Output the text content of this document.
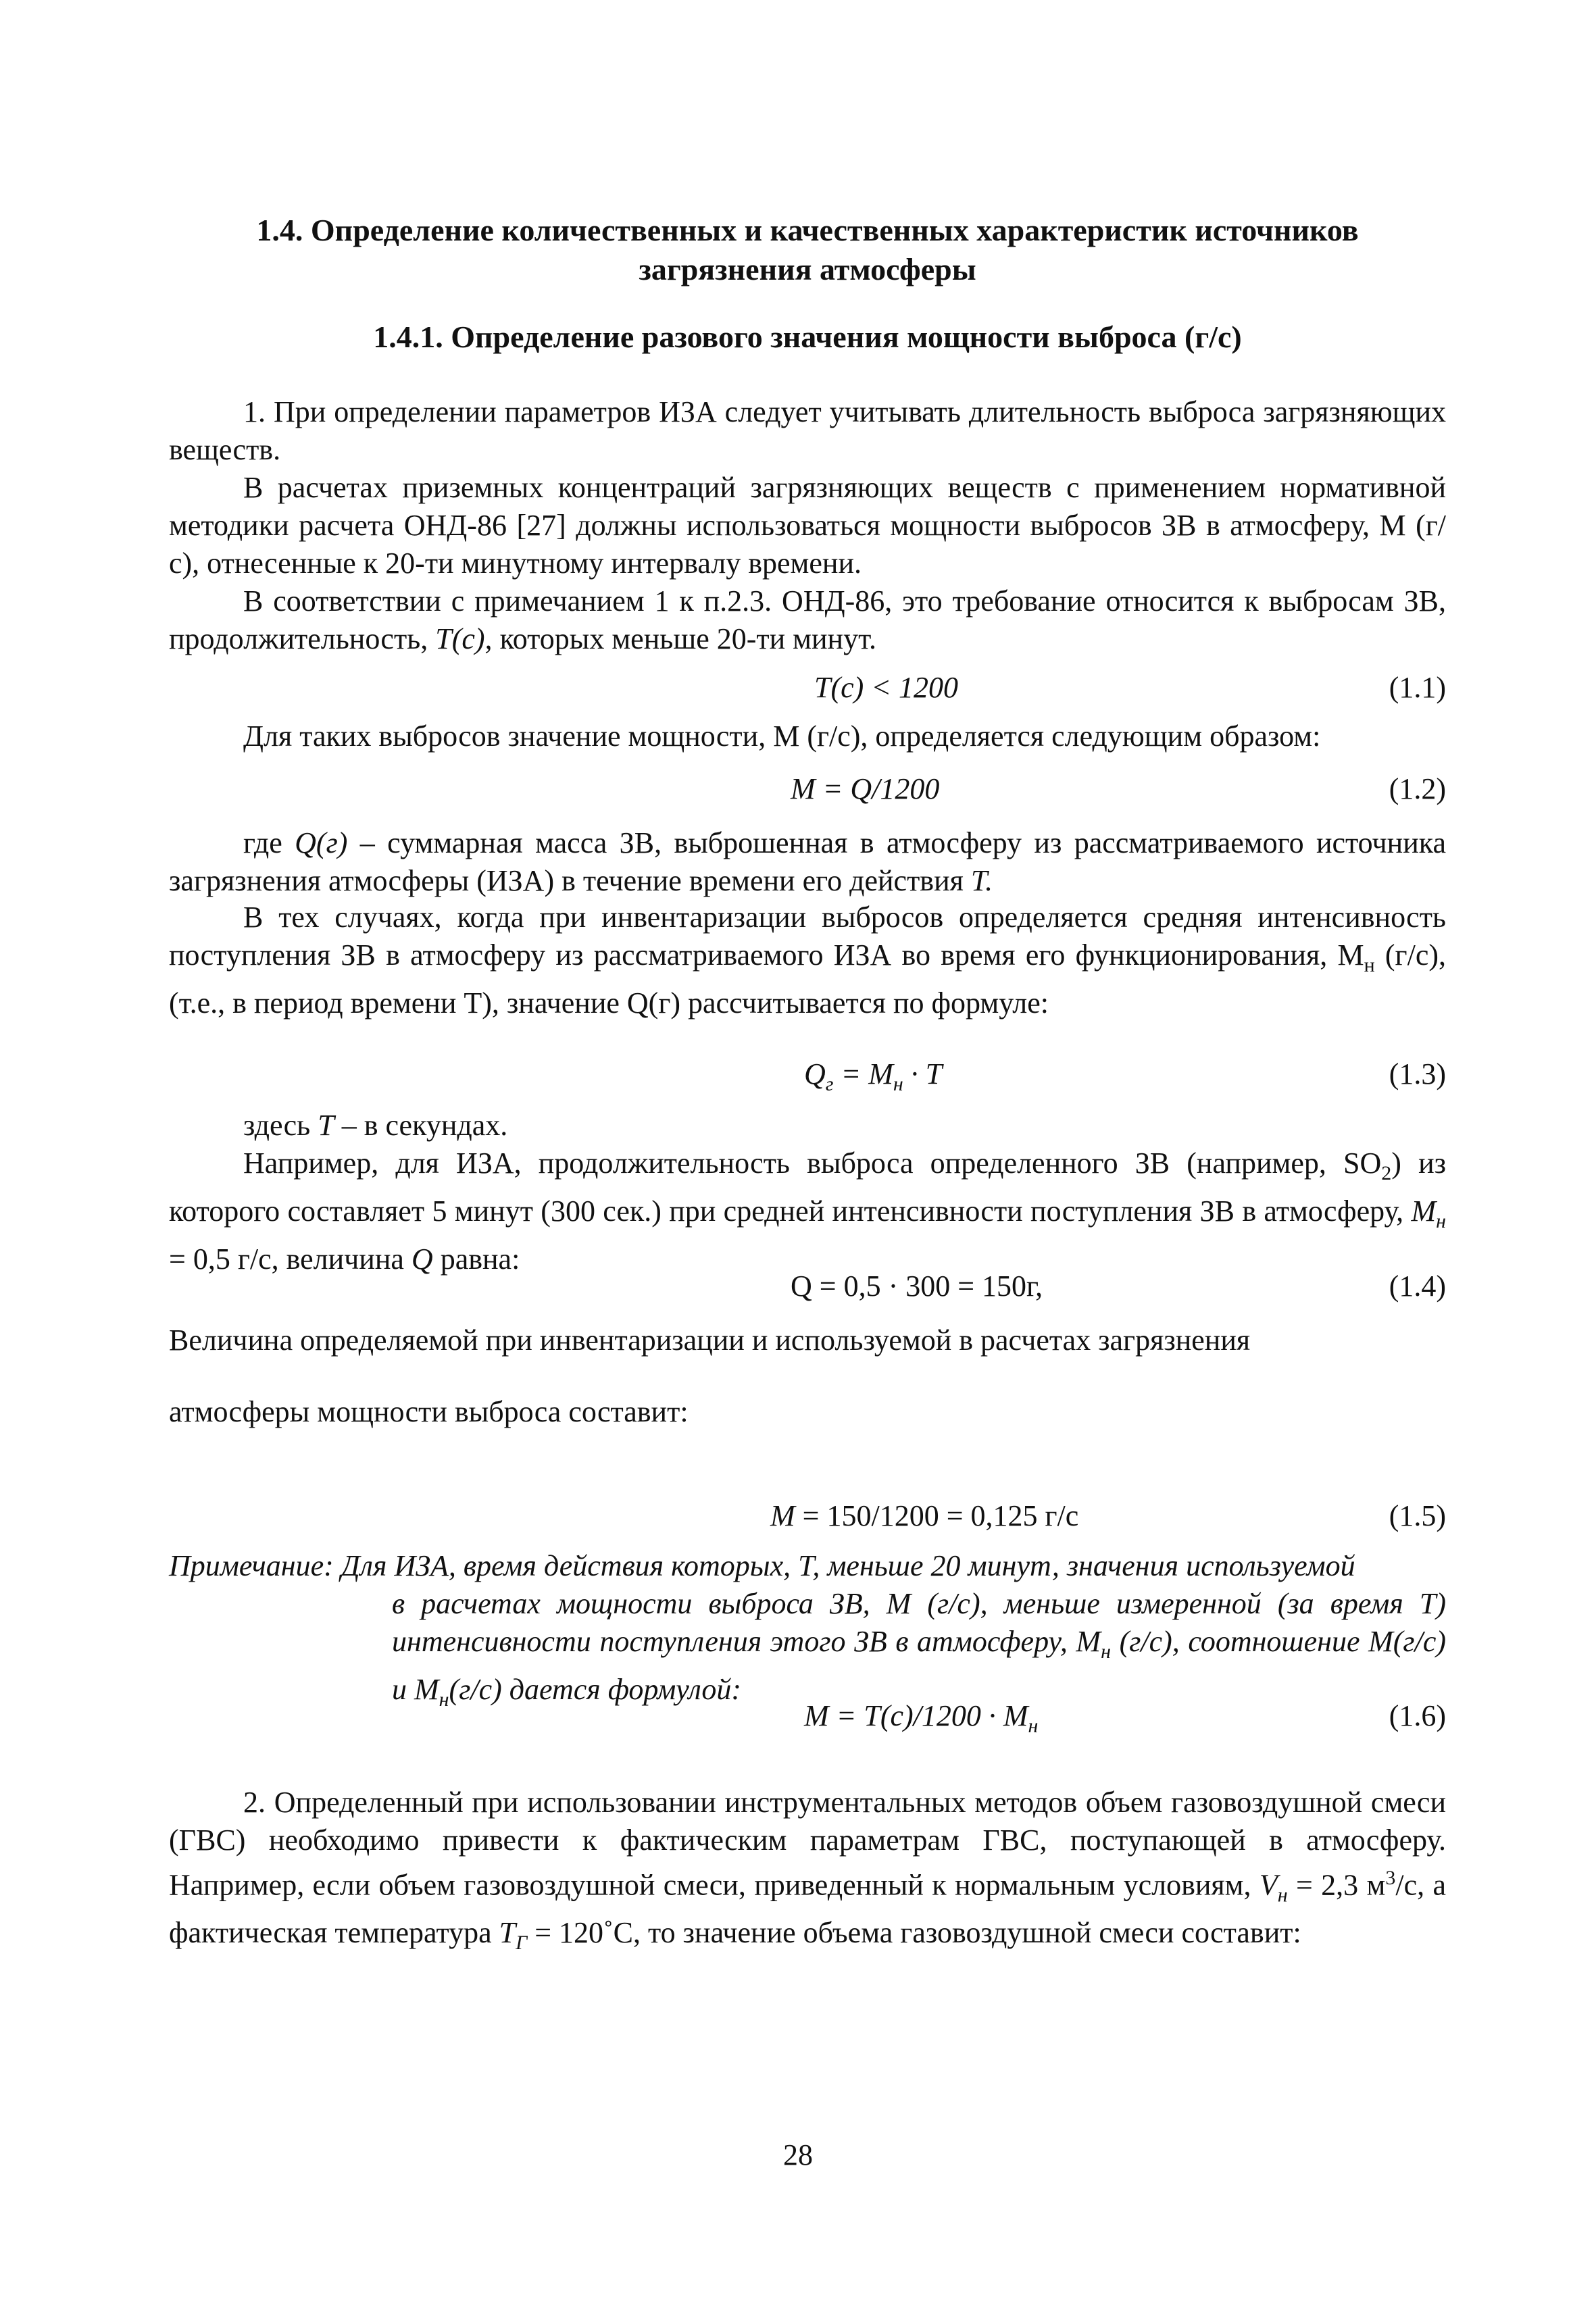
1.4. Определение количественных и качественных характеристик источников
загрязнения атмосферы
1.4.1. Определение разового значения мощности выброса (г/с)
1. При определении параметров ИЗА следует учитывать длительность выброса загрязняющих веществ.
В расчетах приземных концентраций загрязняющих веществ с применением нормативной методики расчета ОНД-86 [27] должны использоваться мощности выбросов ЗВ в атмосферу, М (г/с), отнесенные к 20-ти минутному интервалу времени.
В соответствии с примечанием 1 к п.2.3. ОНД-86, это требование относится к выбросам ЗВ, продолжительность, T(c), которых меньше 20-ти минут.
T(c) < 1200	(1.1)
Для таких выбросов значение мощности, М (г/с), определяется следующим образом:
M = Q/1200	(1.2)
где Q(г) – суммарная масса ЗВ, выброшенная в атмосферу из рассматриваемого источника загрязнения атмосферы (ИЗА) в течение времени его действия T.
В тех случаях, когда при инвентаризации выбросов определяется средняя интенсивность поступления ЗВ в атмосферу из рассматриваемого ИЗА во время его функционирования, $М_н$ (г/с), (т.е., в период времени Т), значение Q(г) рассчитывается по формуле:
$Q_г = M_н \cdot T$	(1.3)
здесь T – в секундах.
Например, для ИЗА, продолжительность выброса определенного ЗВ (например, $SO_2$) из которого составляет 5 минут (300 сек.) при средней интенсивности поступления ЗВ в атмосферу, $M_н = 0,5$ г/с, величина Q равна:
Q = 0,5 · 300 = 150г,	(1.4)
Величина определяемой при инвентаризации и используемой в расчетах загрязнения
атмосферы мощности выброса составит:
M = 150/1200 = 0,125 г/с	(1.5)
Примечание: Для ИЗА, время действия которых, T, меньше 20 минут, значения используемой
в расчетах мощности выброса ЗВ, M (г/с), меньше измеренной (за время T) интенсивности поступления этого ЗВ в атмосферу, $M_н$ (г/с), соотношение M(г/с) и $M_н(г/с)$ дается формулой:
$M = T(c)/1200 \cdot M_н$	(1.6)
2. Определенный при использовании инструментальных методов объем газовоздушной смеси (ГВС) необходимо привести к фактическим параметрам ГВС, поступающей в атмосферу. Например, если объем газовоздушной смеси, приведенный к нормальным условиям, $V_н = 2,3$ $м^3/с$, а фактическая температура $T_Г$ = 120˚С, то значение объема газовоздушной смеси составит:
28
